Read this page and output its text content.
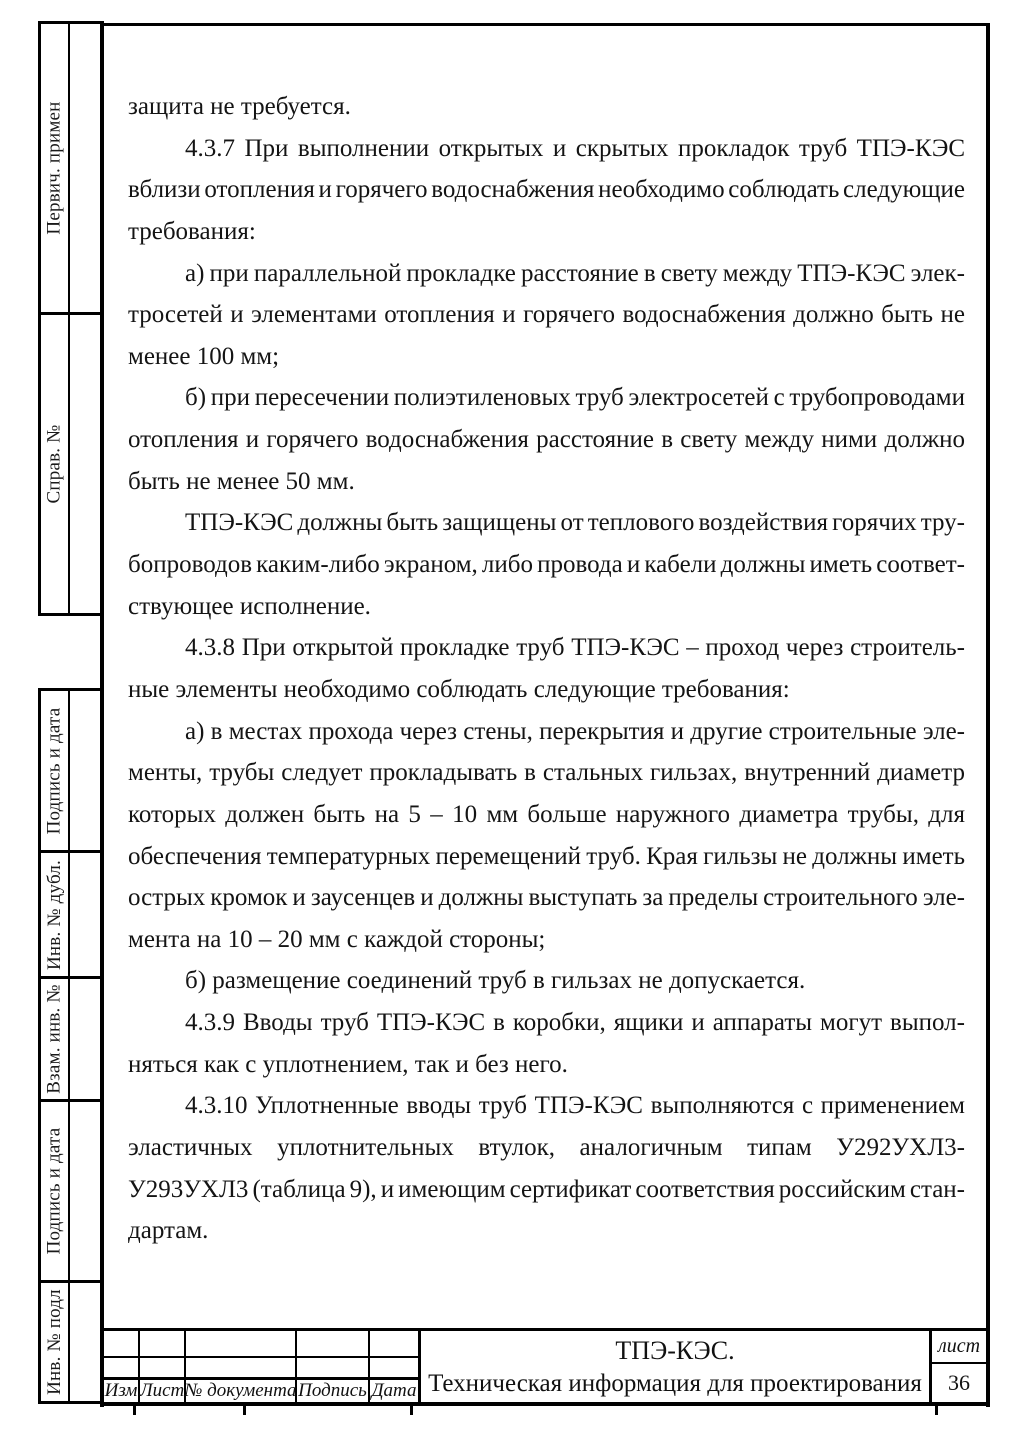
Первич. примен
Справ. №
Подпись и дата
Инв. № дубл.
Взам. инв. №
Подпись и дата
Инв. № подл
защита не требуется.
4.3.7 При выполнении открытых и скрытых прокладок труб ТПЭ-КЭС
вблизи отопления и горячего водоснабжения необходимо соблюдать следующие
требования:
а) при параллельной прокладке расстояние в свету между ТПЭ-КЭС элек-
тросетей и элементами отопления и горячего водоснабжения должно быть не
менее 100 мм;
б) при пересечении полиэтиленовых труб электросетей с трубопроводами
отопления и горячего водоснабжения расстояние в свету между ними должно
быть не менее 50 мм.
ТПЭ-КЭС должны быть защищены от теплового воздействия горячих тру-
бопроводов каким-либо экраном, либо провода и кабели должны иметь соответ-
ствующее исполнение.
4.3.8 При открытой прокладке труб ТПЭ-КЭС – проход через строитель-
ные элементы необходимо соблюдать следующие требования:
а) в местах прохода через стены, перекрытия и другие строительные эле-
менты, трубы следует прокладывать в стальных гильзах, внутренний диаметр
которых должен быть на 5 – 10 мм больше наружного диаметра трубы, для
обеспечения температурных перемещений труб. Края гильзы не должны иметь
острых кромок и заусенцев и должны выступать за пределы строительного эле-
мента на 10 – 20 мм с каждой стороны;
б) размещение соединений труб в гильзах не допускается.
4.3.9 Вводы труб ТПЭ-КЭС в коробки, ящики и аппараты могут выпол-
няться как с уплотнением, так и без него.
4.3.10 Уплотненные вводы труб ТПЭ-КЭС выполняются с применением
эластичных уплотнительных втулок, аналогичным типам У292УХЛ3-
У293УХЛ3 (таблица 9), и имеющим сертификат соответствия российским стан-
дартам.
Изм Лист № документа Подпись Дата
ТПЭ-КЭС.
Техническая информация для проектирования
лист
36
